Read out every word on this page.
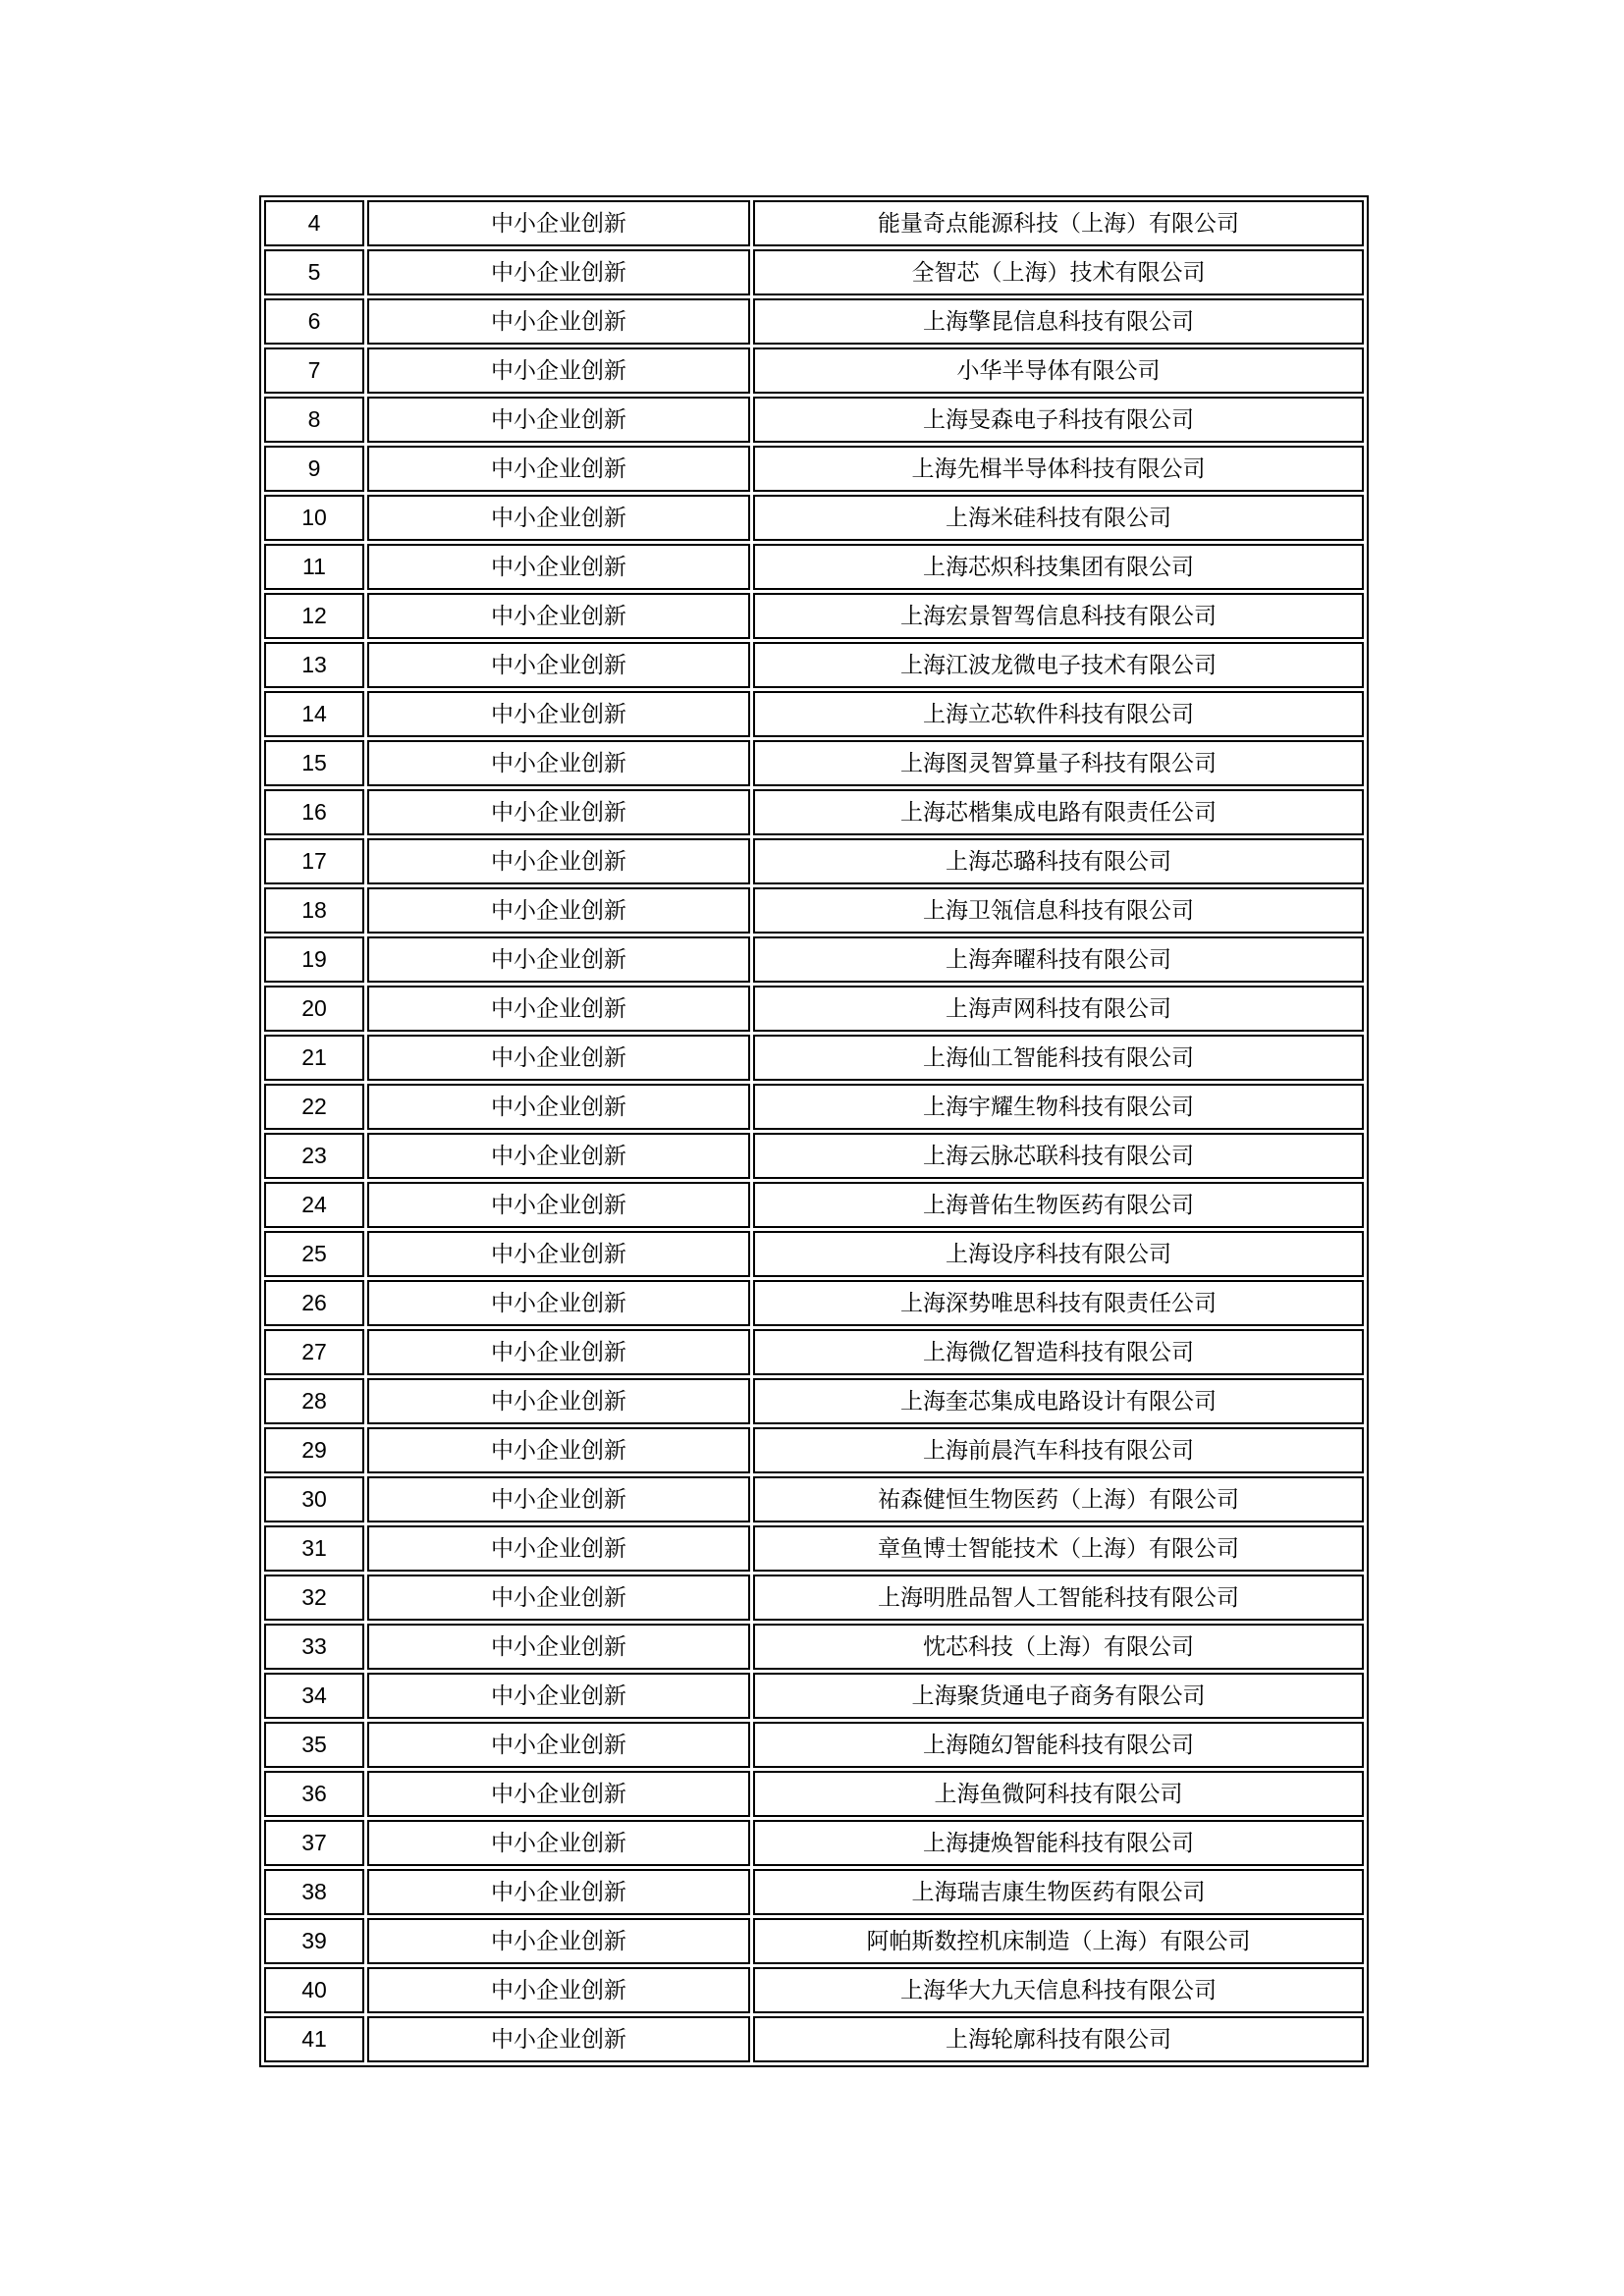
4	中小企业创新	能量奇点能源科技（上海）有限公司
5	中小企业创新	全智芯（上海）技术有限公司
6	中小企业创新	上海擎昆信息科技有限公司
7	中小企业创新	小华半导体有限公司
8	中小企业创新	上海旻森电子科技有限公司
9	中小企业创新	上海先楫半导体科技有限公司
10	中小企业创新	上海米硅科技有限公司
11	中小企业创新	上海芯炽科技集团有限公司
12	中小企业创新	上海宏景智驾信息科技有限公司
13	中小企业创新	上海江波龙微电子技术有限公司
14	中小企业创新	上海立芯软件科技有限公司
15	中小企业创新	上海图灵智算量子科技有限公司
16	中小企业创新	上海芯楷集成电路有限责任公司
17	中小企业创新	上海芯璐科技有限公司
18	中小企业创新	上海卫瓴信息科技有限公司
19	中小企业创新	上海奔曜科技有限公司
20	中小企业创新	上海声网科技有限公司
21	中小企业创新	上海仙工智能科技有限公司
22	中小企业创新	上海宇耀生物科技有限公司
23	中小企业创新	上海云脉芯联科技有限公司
24	中小企业创新	上海普佑生物医药有限公司
25	中小企业创新	上海设序科技有限公司
26	中小企业创新	上海深势唯思科技有限责任公司
27	中小企业创新	上海微亿智造科技有限公司
28	中小企业创新	上海奎芯集成电路设计有限公司
29	中小企业创新	上海前晨汽车科技有限公司
30	中小企业创新	祐森健恒生物医药（上海）有限公司
31	中小企业创新	章鱼博士智能技术（上海）有限公司
32	中小企业创新	上海明胜品智人工智能科技有限公司
33	中小企业创新	忱芯科技（上海）有限公司
34	中小企业创新	上海聚货通电子商务有限公司
35	中小企业创新	上海随幻智能科技有限公司
36	中小企业创新	上海鱼微阿科技有限公司
37	中小企业创新	上海捷焕智能科技有限公司
38	中小企业创新	上海瑞吉康生物医药有限公司
39	中小企业创新	阿帕斯数控机床制造（上海）有限公司
40	中小企业创新	上海华大九天信息科技有限公司
41	中小企业创新	上海轮廓科技有限公司
